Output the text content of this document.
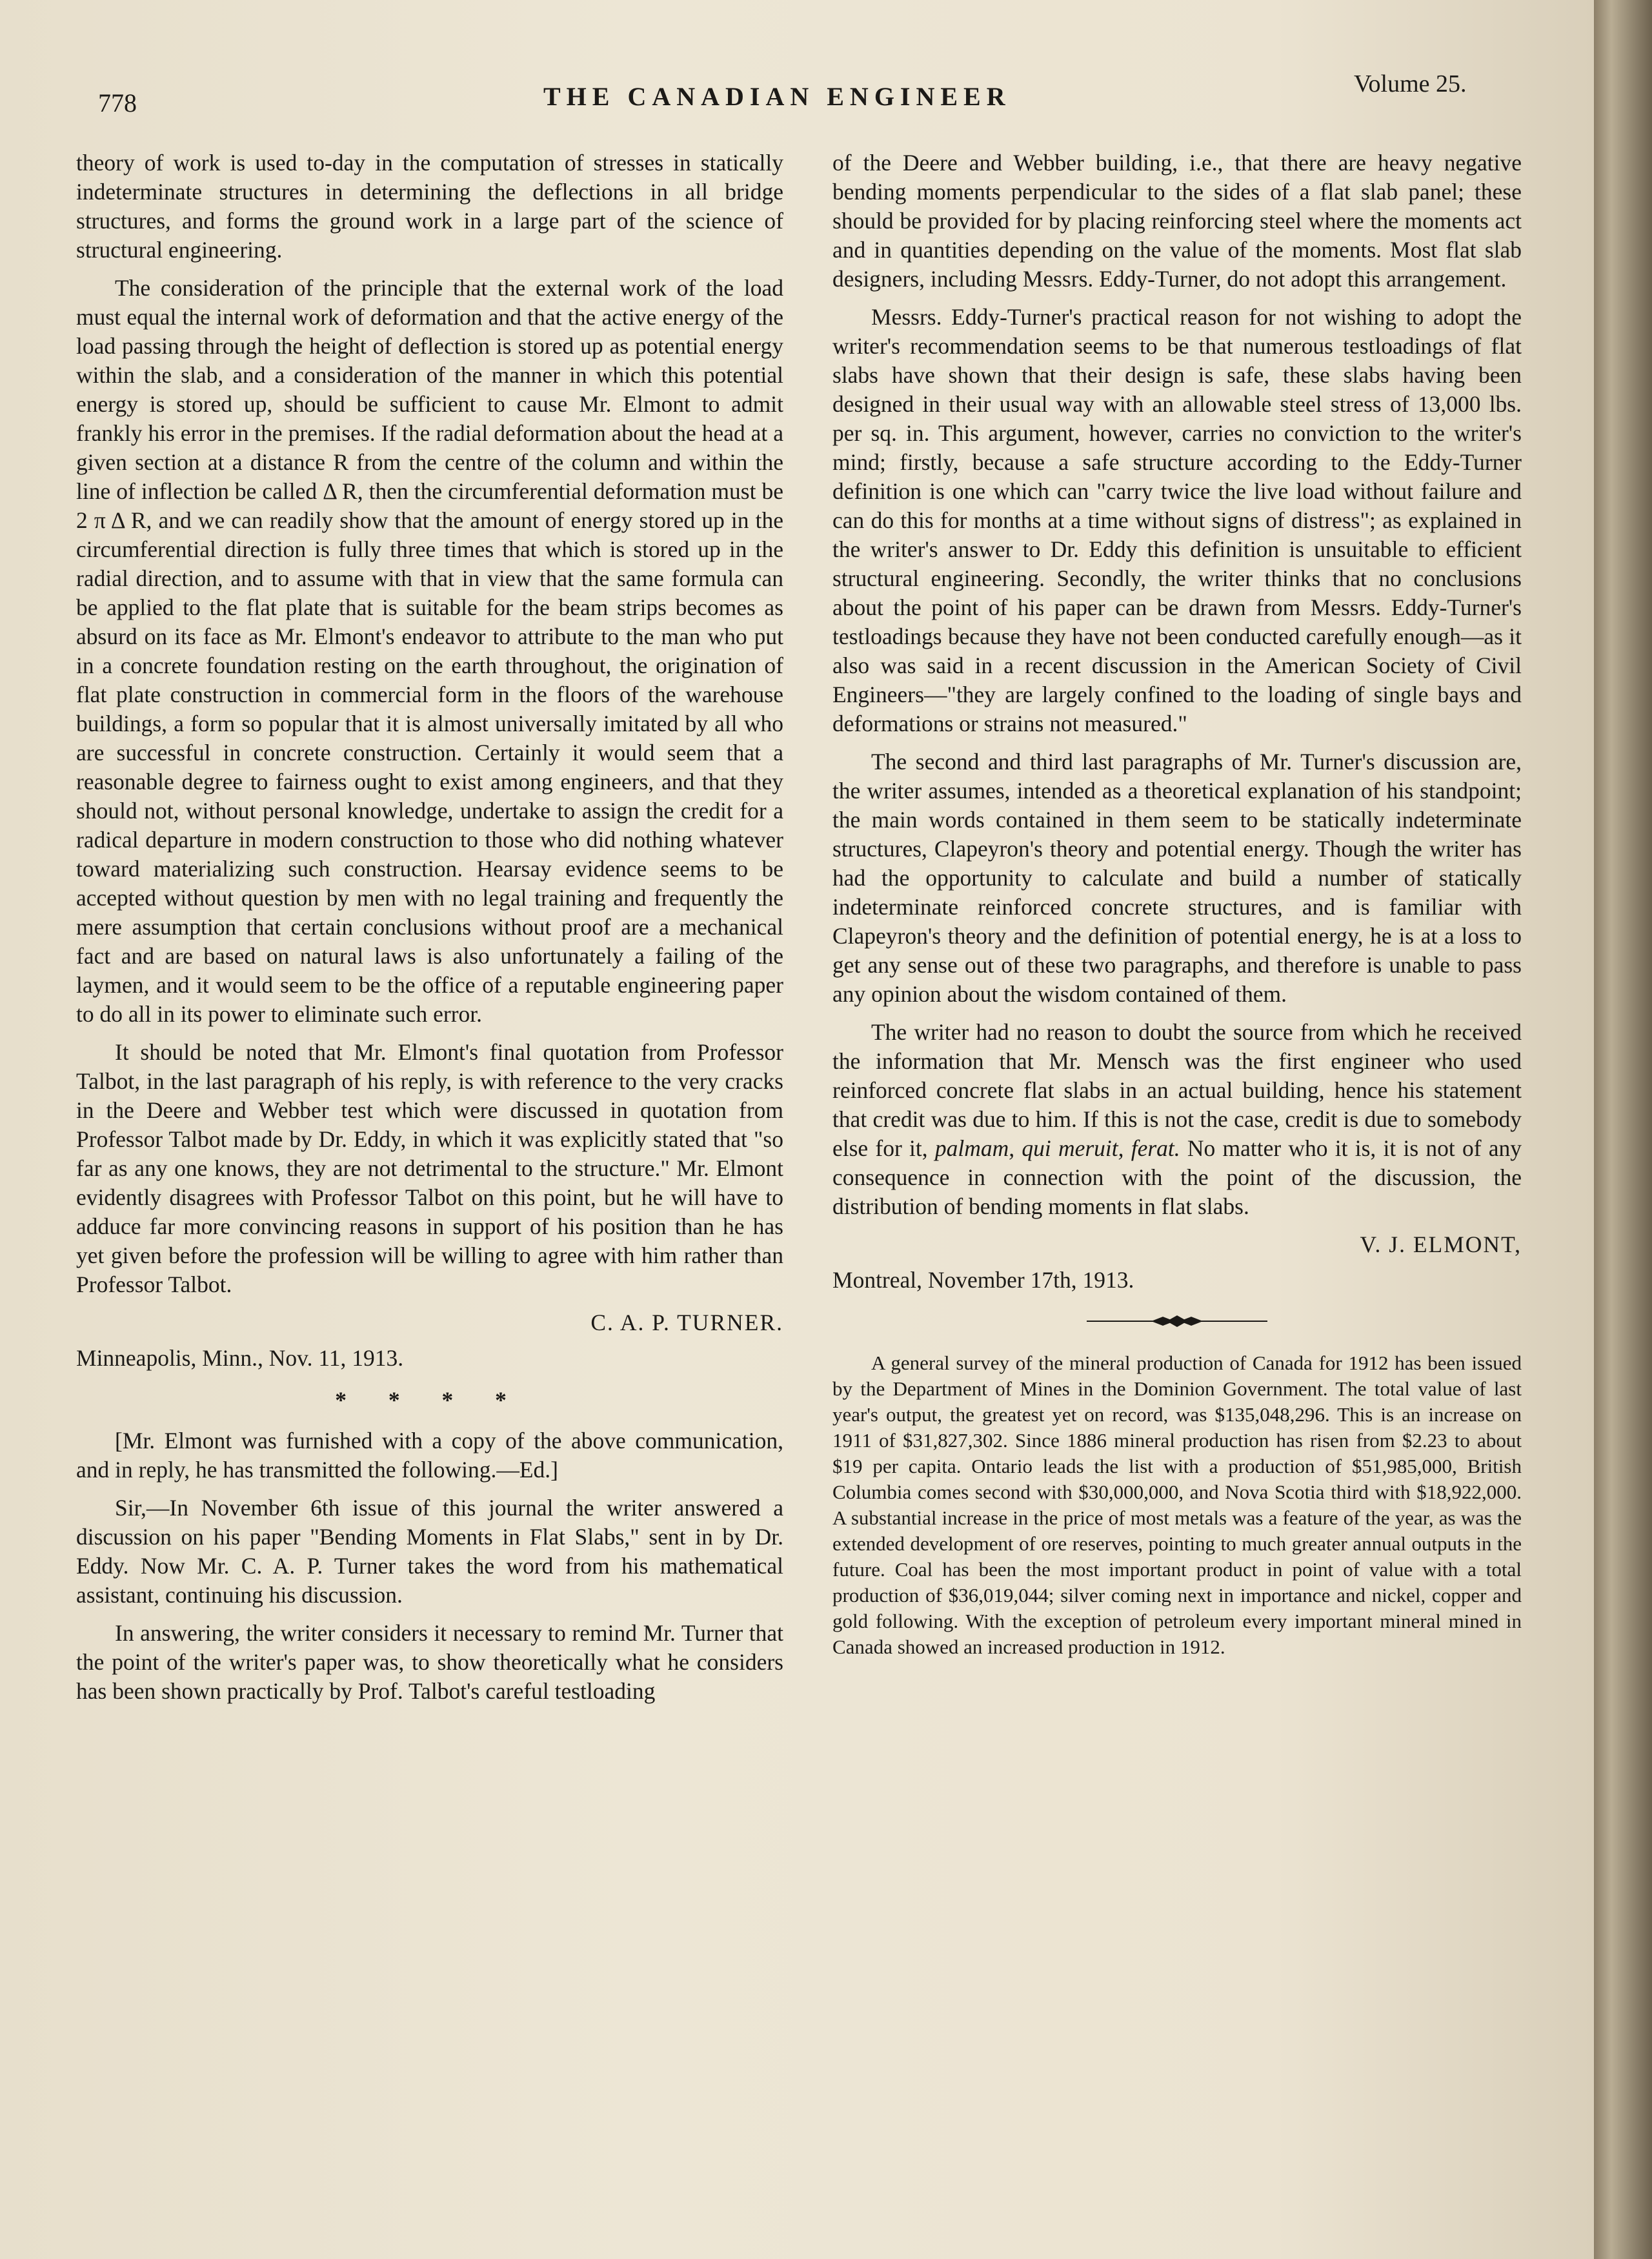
778	THE CANADIAN ENGINEER	Volume 25.

theory of work is used to-day in the computation of stresses in statically indeterminate structures in determining the deflections in all bridge structures, and forms the ground work in a large part of the science of structural engineering.

The consideration of the principle that the external work of the load must equal the internal work of deformation and that the active energy of the load passing through the height of deflection is stored up as potential energy within the slab, and a consideration of the manner in which this potential energy is stored up, should be sufficient to cause Mr. Elmont to admit frankly his error in the premises. If the radial deformation about the head at a given section at a distance R from the centre of the column and within the line of inflection be called Δ R, then the circumferential deformation must be 2 π Δ R, and we can readily show that the amount of energy stored up in the circumferential direction is fully three times that which is stored up in the radial direction, and to assume with that in view that the same formula can be applied to the flat plate that is suitable for the beam strips becomes as absurd on its face as Mr. Elmont's endeavor to attribute to the man who put in a concrete foundation resting on the earth throughout, the origination of flat plate construction in commercial form in the floors of the warehouse buildings, a form so popular that it is almost universally imitated by all who are successful in concrete construction. Certainly it would seem that a reasonable degree to fairness ought to exist among engineers, and that they should not, without personal knowledge, undertake to assign the credit for a radical departure in modern construction to those who did nothing whatever toward materializing such construction. Hearsay evidence seems to be accepted without question by men with no legal training and frequently the mere assumption that certain conclusions without proof are a mechanical fact and are based on natural laws is also unfortunately a failing of the laymen, and it would seem to be the office of a reputable engineering paper to do all in its power to eliminate such error.

It should be noted that Mr. Elmont's final quotation from Professor Talbot, in the last paragraph of his reply, is with reference to the very cracks in the Deere and Webber test which were discussed in quotation from Professor Talbot made by Dr. Eddy, in which it was explicitly stated that "so far as any one knows, they are not detrimental to the structure." Mr. Elmont evidently disagrees with Professor Talbot on this point, but he will have to adduce far more convincing reasons in support of his position than he has yet given before the profession will be willing to agree with him rather than Professor Talbot.

C. A. P. TURNER.
Minneapolis, Minn., Nov. 11, 1913.
* * * *

[Mr. Elmont was furnished with a copy of the above communication, and in reply, he has transmitted the following.—Ed.]

Sir,—In November 6th issue of this journal the writer answered a discussion on his paper "Bending Moments in Flat Slabs," sent in by Dr. Eddy. Now Mr. C. A. P. Turner takes the word from his mathematical assistant, continuing his discussion.

In answering, the writer considers it necessary to remind Mr. Turner that the point of the writer's paper was, to show theoretically what he considers has been shown practically by Prof. Talbot's careful testloading

of the Deere and Webber building, i.e., that there are heavy negative bending moments perpendicular to the sides of a flat slab panel; these should be provided for by placing reinforcing steel where the moments act and in quantities depending on the value of the moments. Most flat slab designers, including Messrs. Eddy-Turner, do not adopt this arrangement.

Messrs. Eddy-Turner's practical reason for not wishing to adopt the writer's recommendation seems to be that numerous testloadings of flat slabs have shown that their design is safe, these slabs having been designed in their usual way with an allowable steel stress of 13,000 lbs. per sq. in. This argument, however, carries no conviction to the writer's mind; firstly, because a safe structure according to the Eddy-Turner definition is one which can "carry twice the live load without failure and can do this for months at a time without signs of distress"; as explained in the writer's answer to Dr. Eddy this definition is unsuitable to efficient structural engineering. Secondly, the writer thinks that no conclusions about the point of his paper can be drawn from Messrs. Eddy-Turner's testloadings because they have not been conducted carefully enough—as it also was said in a recent discussion in the American Society of Civil Engineers—"they are largely confined to the loading of single bays and deformations or strains not measured."

The second and third last paragraphs of Mr. Turner's discussion are, the writer assumes, intended as a theoretical explanation of his standpoint; the main words contained in them seem to be statically indeterminate structures, Clapeyron's theory and potential energy. Though the writer has had the opportunity to calculate and build a number of statically indeterminate reinforced concrete structures, and is familiar with Clapeyron's theory and the definition of potential energy, he is at a loss to get any sense out of these two paragraphs, and therefore is unable to pass any opinion about the wisdom contained of them.

The writer had no reason to doubt the source from which he received the information that Mr. Mensch was the first engineer who used reinforced concrete flat slabs in an actual building, hence his statement that credit was due to him. If this is not the case, credit is due to somebody else for it, palmam, qui meruit, ferat. No matter who it is, it is not of any consequence in connection with the point of the discussion, the distribution of bending moments in flat slabs.

V. J. ELMONT,
Montreal, November 17th, 1913.

A general survey of the mineral production of Canada for 1912 has been issued by the Department of Mines in the Dominion Government. The total value of last year's output, the greatest yet on record, was $135,048,296. This is an increase on 1911 of $31,827,302. Since 1886 mineral production has risen from $2.23 to about $19 per capita. Ontario leads the list with a production of $51,985,000, British Columbia comes second with $30,000,000, and Nova Scotia third with $18,922,000. A substantial increase in the price of most metals was a feature of the year, as was the extended development of ore reserves, pointing to much greater annual outputs in the future. Coal has been the most important product in point of value with a total production of $36,019,044; silver coming next in importance and nickel, copper and gold following. With the exception of petroleum every important mineral mined in Canada showed an increased production in 1912.
